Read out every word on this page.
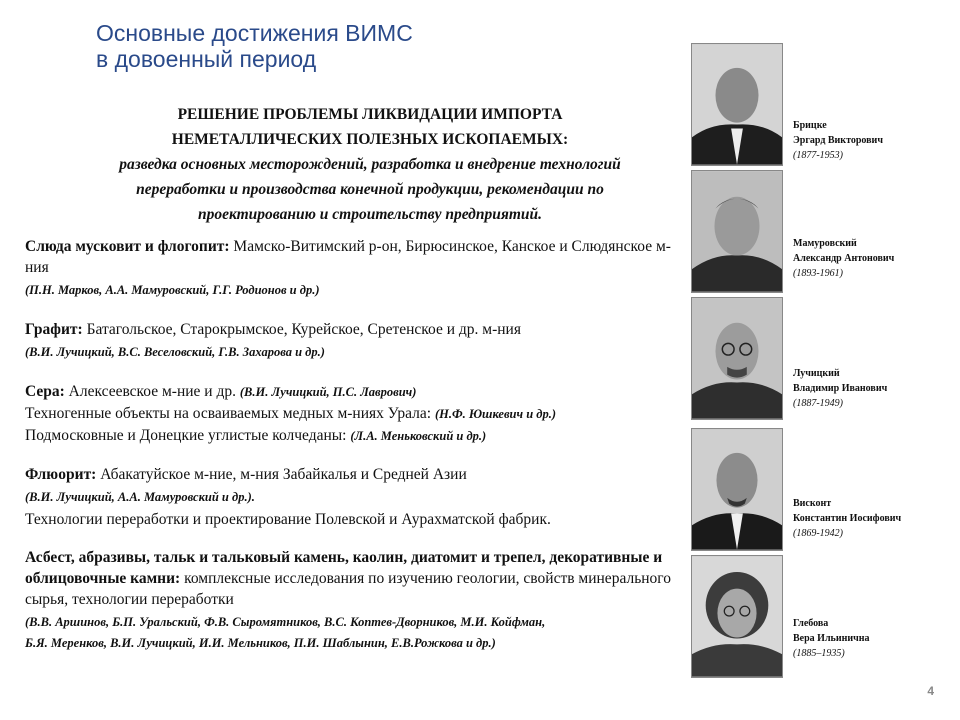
Основные достижения ВИМС
в довоенный период
РЕШЕНИЕ ПРОБЛЕМЫ ЛИКВИДАЦИИ ИМПОРТА
НЕМЕТАЛЛИЧЕСКИХ ПОЛЕЗНЫХ ИСКОПАЕМЫХ:
разведка основных месторождений, разработка и внедрение технологий
переработки и производства конечной продукции, рекомендации по
проектированию и строительству предприятий.
Слюда мусковит и флогопит: Мамско-Витимский р-он, Бирюсинское, Канское и Слюдянское м-ния
(П.Н. Марков, А.А. Мамуровский, Г.Г. Родионов и др.)
Графит: Батагольское, Старокрымское, Курейское, Сретенское и др. м-ния
(В.И. Лучицкий, В.С. Веселовский, Г.В. Захарова и др.)
Сера: Алексеевское м-ние и др. (В.И. Лучицкий, П.С. Лаврович)
Техногенные объекты на осваиваемых медных м-ниях Урала: (Н.Ф. Юшкевич и др.)
Подмосковные и Донецкие углистые колчеданы: (Л.А. Меньковский и др.)
Флюорит: Абакатуйское м-ние, м-ния Забайкалья и Средней Азии
(В.И. Лучицкий, А.А. Мамуровский и др.).
Технологии переработки и проектирование Полевской и Аурахматской фабрик.
Асбест, абразивы, тальк и тальковый камень, каолин, диатомит и трепел, декоративные и облицовочные камни: комплексные исследования по изучению геологии, свойств минерального сырья, технологии переработки
(В.В. Аршинов, Б.П. Уральский, Ф.В. Сыромятников, В.С. Коптев-Дворников, М.И. Койфман,
Б.Я. Меренков, В.И. Лучицкий, И.И. Мельников, П.И. Шаблынин, Е.В.Рожкова и др.)
Брицке
Эргард Викторович
(1877-1953)
Мамуровский
Александр Антонович
(1893-1961)
Лучицкий
Владимир Иванович
(1887-1949)
Висконт
Константин Иосифович
(1869-1942)
Глебова
Вера Ильинична
(1885–1935)
4
